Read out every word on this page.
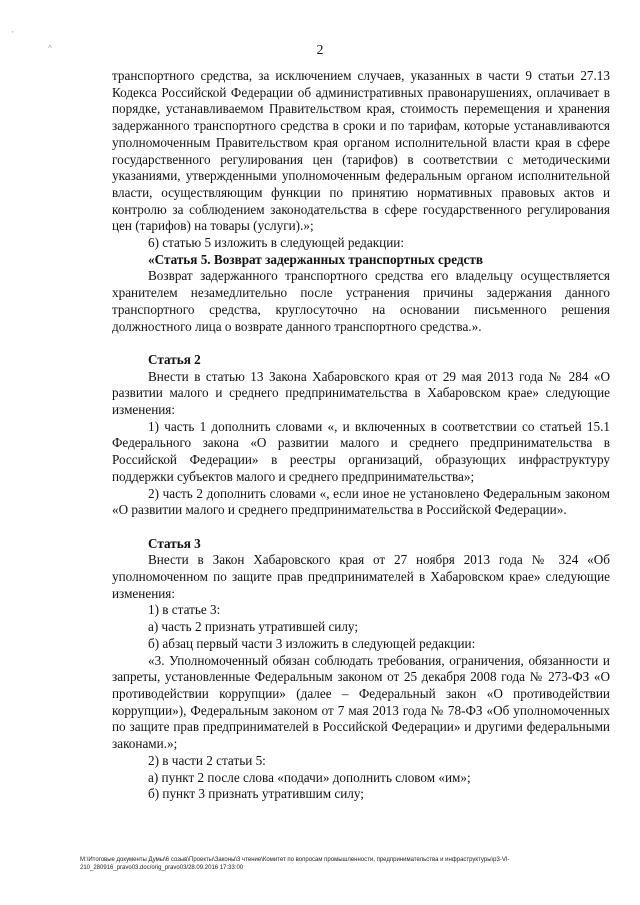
'
^	2

транспортного средства, за исключением случаев, указанных в части 9 статьи 27.13 Кодекса Российской Федерации об административных правонарушениях, оплачивает в порядке, устанавливаемом Правительством края, стоимость перемещения и хранения задержанного транспортного средства в сроки и по тарифам, которые устанавливаются уполномоченным Правительством края органом исполнительной власти края в сфере государственного регулирования цен (тарифов) в соответствии с методическими указаниями, утвержденными уполномоченным федеральным органом исполнительной власти, осуществляющим функции по принятию нормативных правовых актов и контролю за соблюдением законодательства в сфере государственного регулирования цен (тарифов) на товары (услуги).»;

6) статью 5 изложить в следующей редакции:

«Статья 5. Возврат задержанных транспортных средств

Возврат задержанного транспортного средства его владельцу осуществляется хранителем незамедлительно после устранения причины задержания данного транспортного средства, круглосуточно на основании письменного решения должностного лица о возврате данного транспортного средства.».

Статья 2

Внести в статью 13 Закона Хабаровского края от 29 мая 2013 года № 284 «О развитии малого и среднего предпринимательства в Хабаровском крае» следующие изменения:

1) часть 1 дополнить словами «, и включенных в соответствии со статьей 15.1 Федерального закона «О развитии малого и среднего предпринимательства в Российской Федерации» в реестры организаций, образующих инфраструктуру поддержки субъектов малого и среднего предпринимательства»;

2) часть 2 дополнить словами «, если иное не установлено Федеральным законом «О развитии малого и среднего предпринимательства в Российской Федерации».

Статья 3

Внести в Закон Хабаровского края от 27 ноября 2013 года № 324 «Об уполномоченном по защите прав предпринимателей в Хабаровском крае» следующие изменения:

1) в статье 3:

а) часть 2 признать утратившей силу;

б) абзац первый части 3 изложить в следующей редакции:

«3. Уполномоченный обязан соблюдать требования, ограничения, обязанности и запреты, установленные Федеральным законом от 25 декабря 2008 года № 273-ФЗ «О противодействии коррупции» (далее – Федеральный закон «О противодействии коррупции»), Федеральным законом от 7 мая 2013 года № 78-ФЗ «Об уполномоченных по защите прав предпринимателей в Российской Федерации» и другими федеральными законами.»;

2) в части 2 статьи 5:

а) пункт 2 после слова «подачи» дополнить словом «им»;

б) пункт 3 признать утратившим силу;

M:\Итоговые документы Думы\6 созыв\Проекты\Законы\3 чтение\Комитет по вопросам промышленности, предпринимательства и инфраструктуры\р3-VI-210_280916_pravo03.doc/orig_pravo03/28.09.2016 17:33:00
